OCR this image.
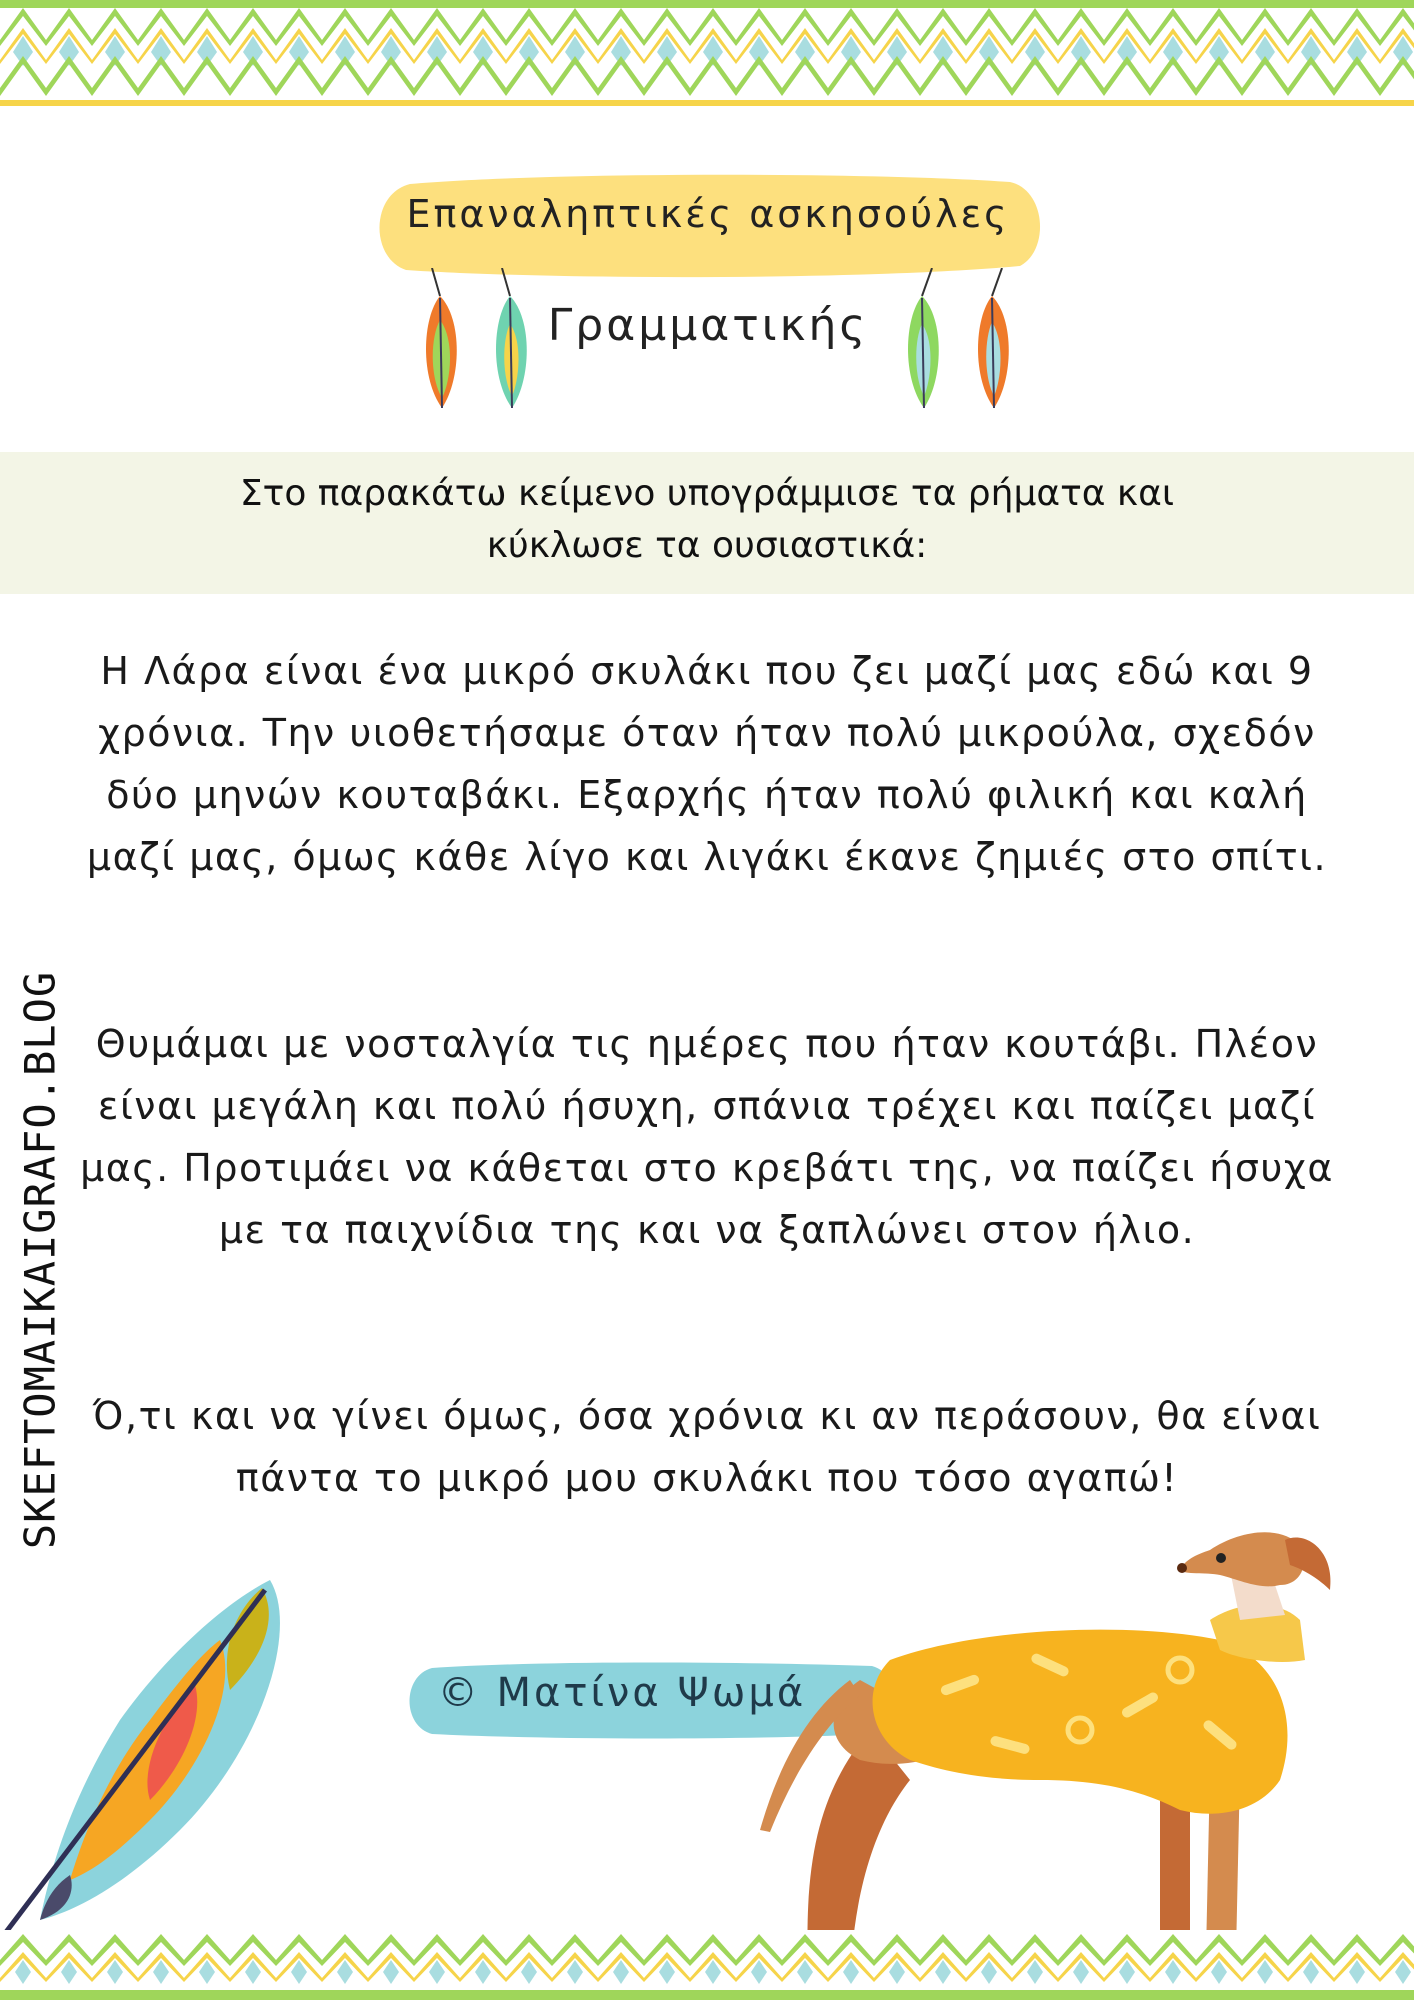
Επαναληπτικές ασκησούλες
Γραμματικής
Στο παρακάτω κείμενο υπογράμμισε τα ρήματα και
κύκλωσε τα ουσιαστικά:
Η Λάρα είναι ένα μικρό σκυλάκι που ζει μαζί μας εδώ και 9 χρόνια. Την υιοθετήσαμε όταν ήταν πολύ μικρούλα, σχεδόν δύο μηνών κουταβάκι. Εξαρχής ήταν πολύ φιλική και καλή μαζί μας, όμως κάθε λίγο και λιγάκι έκανε ζημιές στο σπίτι.
Θυμάμαι με νοσταλγία τις ημέρες που ήταν κουτάβι. Πλέον είναι μεγάλη και πολύ ήσυχη, σπάνια τρέχει και παίζει μαζί μας. Προτιμάει να κάθεται στο κρεβάτι της, να παίζει ήσυχα με τα παιχνίδια της και να ξαπλώνει στον ήλιο.
Ό,τι και να γίνει όμως, όσα χρόνια κι αν περάσουν, θα είναι πάντα το μικρό μου σκυλάκι που τόσο αγαπώ!
SKEFTOMAIKAIGRAFO.BLOG
© Ματίνα Ψωμά
